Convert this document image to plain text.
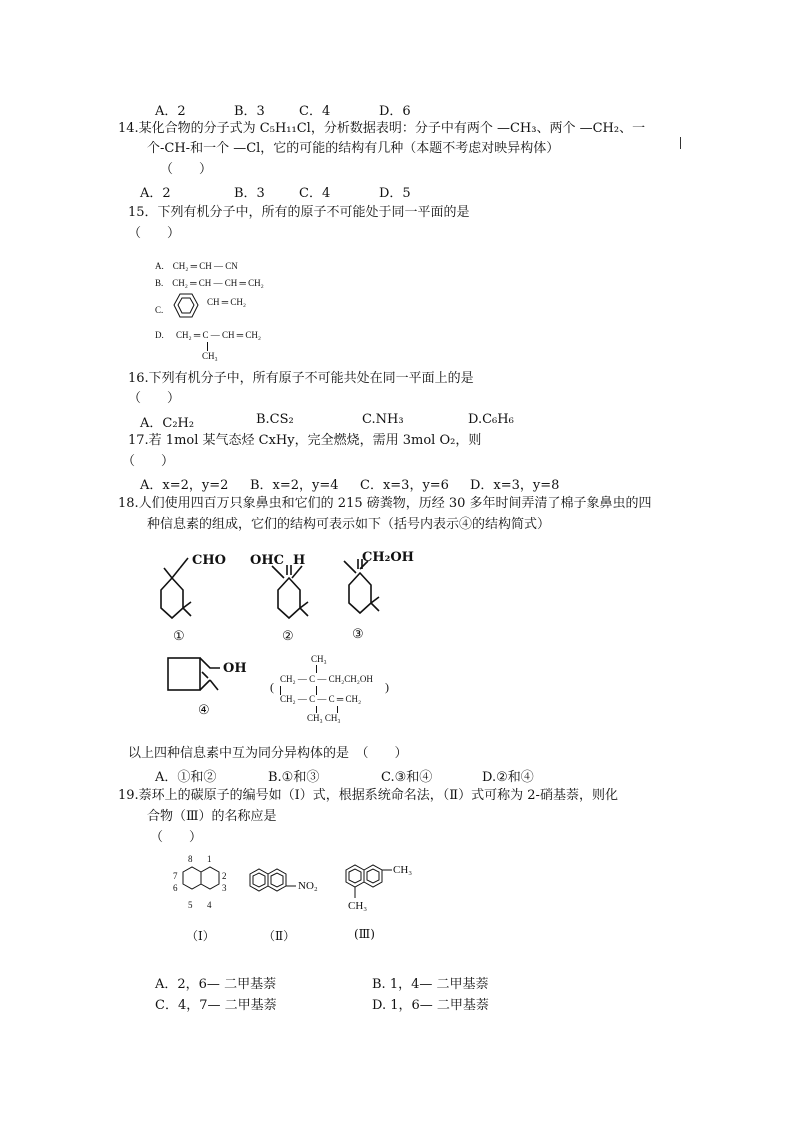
A．2	B．3	C．4	D．6
14.某化合物的分子式为 C₅H₁₁Cl，分析数据表明：分子中有两个 —CH₃、两个 —CH₂、一
个-CH-和一个 —Cl，它的可能的结构有几种（本题不考虑对映异构体）
（　　）
A．2	B．3	C．4	D．5
15．下列有机分子中，所有的原子不可能处于同一平面的是
（　　）
A.　CH₂ ═ CH — CN
B.　CH₂ ═ CH — CH ═ CH₂
C.
CH ═ CH₂
D. CH₂ ═ C — CH ═ CH₂
CH₃
16.下列有机分子中，所有原子不可能共处在同一平面上的是
（　　）
A．C₂H₂	B.CS₂	C.NH₃	D.C₆H₆
17.若 1mol 某气态烃 CxHy，完全燃烧，需用 3mol O₂，则
（　　）
A．x=2，y=2 B．x=2，y=4 C．x=3，y=6 D．x=3，y=8
18.人们使用四百万只象鼻虫和它们的 215 磅粪物，历经 30 多年时间弄清了棉子象鼻虫的四
种信息素的组成，它们的结构可表示如下（括号内表示④的结构简式）
CHO
①
OHC H
②
CH₂OH
③
OH
④
CH₃
(
CH₂ — C — CH₂CH₂OH
CH₂ — C — C ═ CH₂
)
CH₃ CH₃
以上四种信息素中互为同分异构体的是　（　　）
A．①和②	B.①和③	C.③和④	D.②和④
19.萘环上的碳原子的编号如（Ⅰ）式，根据系统命名法，（Ⅱ）式可称为 2-硝基萘，则化
合物（Ⅲ）的名称应是
（　　）
8 1
7	2
6	3
5 4
NO₂
CH₃
CH₃
（Ⅰ）	（Ⅱ）	(Ⅲ)
A．2，6— 二甲基萘	B. 1，4— 二甲基萘
C．4，7— 二甲基萘	D. 1，6— 二甲基萘
